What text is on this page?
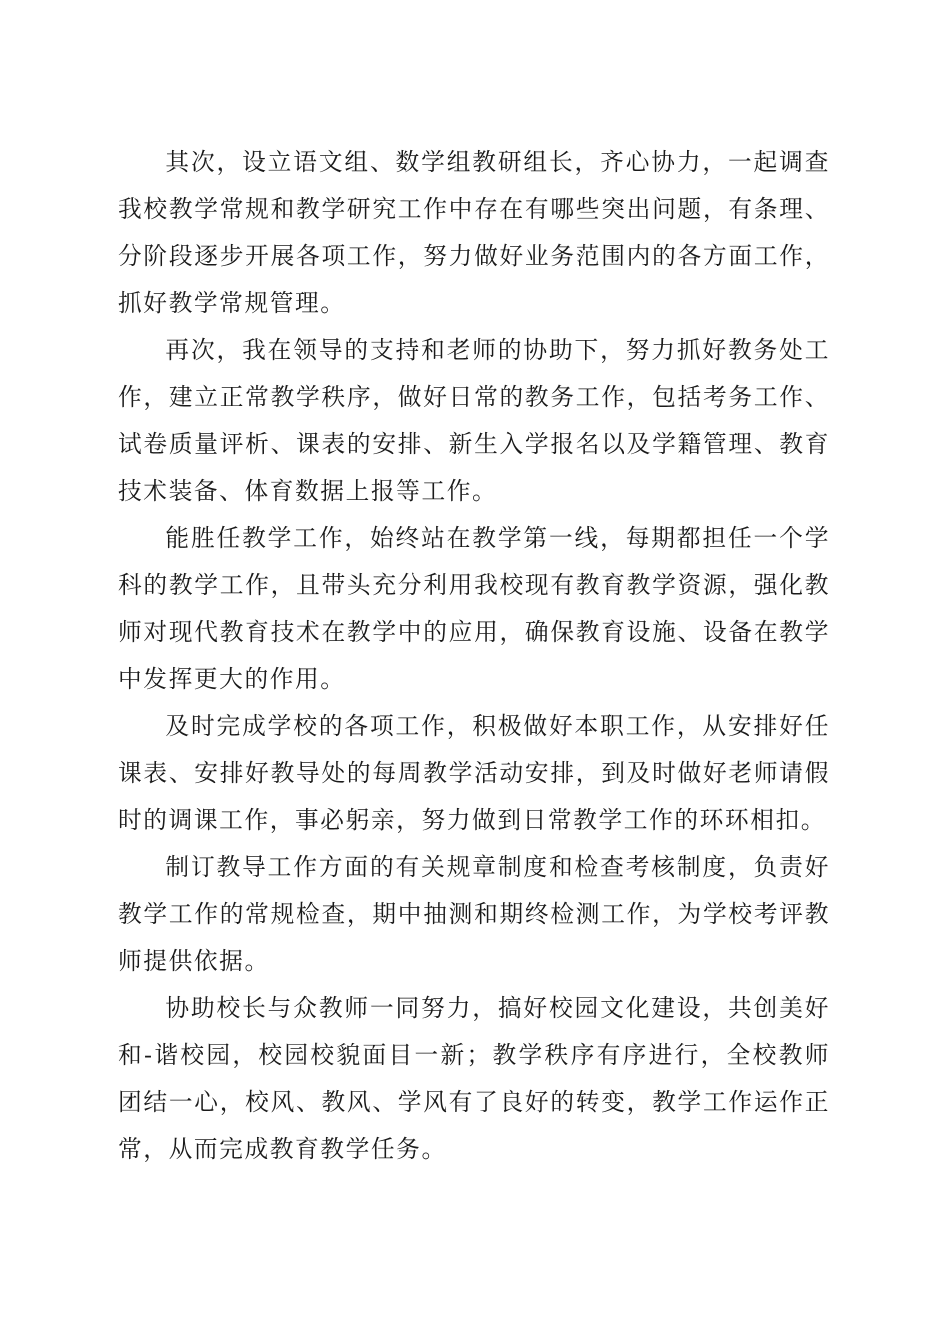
其次，设立语文组、数学组教研组长，齐心协力，一起调查我校教学常规和教学研究工作中存在有哪些突出问题，有条理、分阶段逐步开展各项工作，努力做好业务范围内的各方面工作，抓好教学常规管理。

再次，我在领导的支持和老师的协助下，努力抓好教务处工作，建立正常教学秩序，做好日常的教务工作，包括考务工作、试卷质量评析、课表的安排、新生入学报名以及学籍管理、教育技术装备、体育数据上报等工作。

能胜任教学工作，始终站在教学第一线，每期都担任一个学科的教学工作，且带头充分利用我校现有教育教学资源，强化教师对现代教育技术在教学中的应用，确保教育设施、设备在教学中发挥更大的作用。

及时完成学校的各项工作，积极做好本职工作，从安排好任课表、安排好教导处的每周教学活动安排，到及时做好老师请假时的调课工作，事必躬亲，努力做到日常教学工作的环环相扣。

制订教导工作方面的有关规章制度和检查考核制度，负责好教学工作的常规检查，期中抽测和期终检测工作，为学校考评教师提供依据。

协助校长与众教师一同努力，搞好校园文化建设，共创美好和-谐校园，校园校貌面目一新；教学秩序有序进行，全校教师团结一心，校风、教风、学风有了良好的转变，教学工作运作正常，从而完成教育教学任务。
